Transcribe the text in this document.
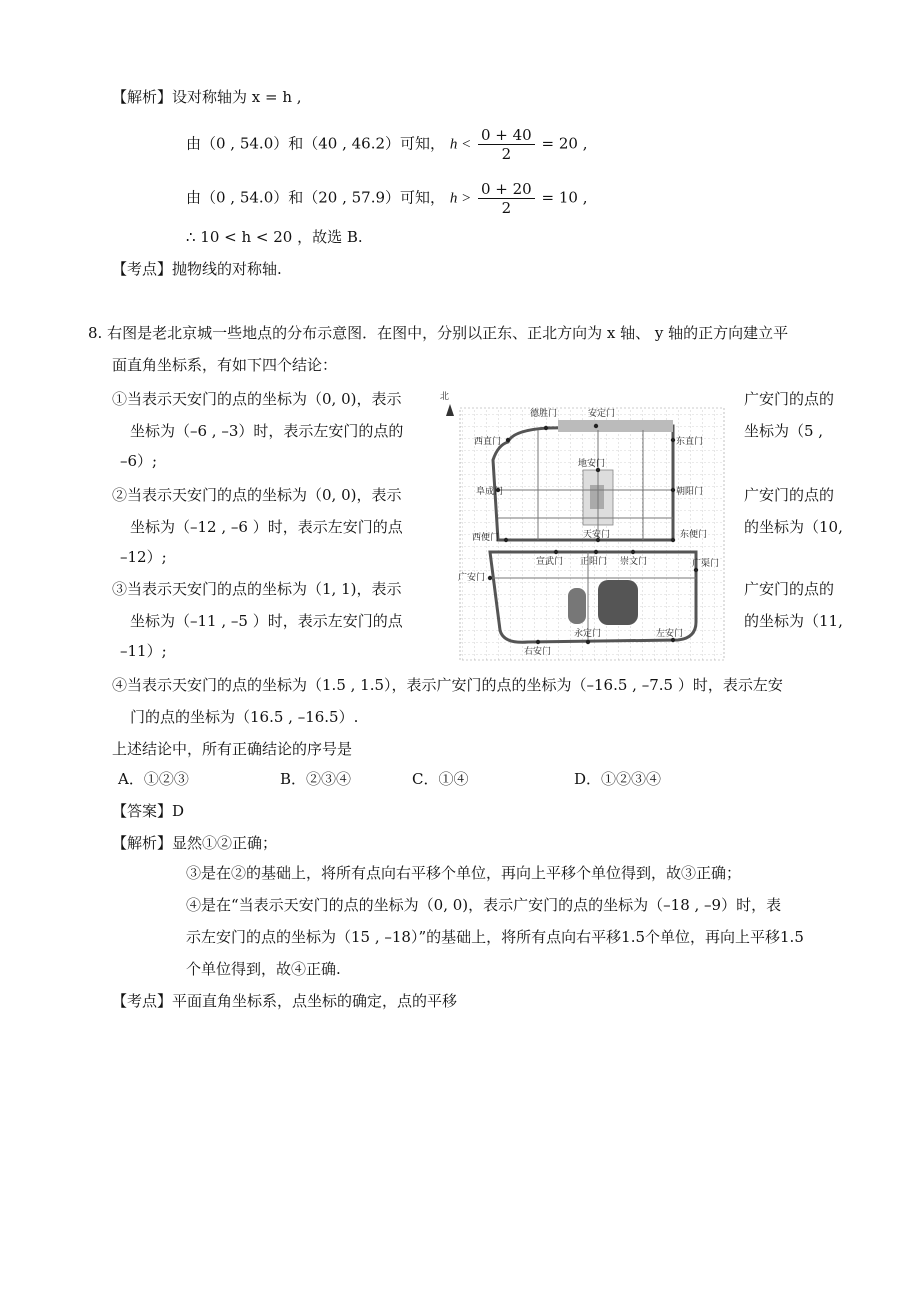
【解析】设对称轴为 x = h ,
由（0 , 54.0）和（40 , 46.2）可知， $h < \frac{0 + 40}{2} = 20$ ,
由（0 , 54.0）和（20 , 57.9）可知， $h > \frac{0 + 20}{2} = 10$ ,
∴ 10 < h < 20 ，故选 B.
【考点】抛物线的对称轴.
8. 右图是老北京城一些地点的分布示意图．在图中，分别以正东、正北方向为 x 轴、 y 轴的正方向建立平
面直角坐标系，有如下四个结论：
①当表示天安门的点的坐标为（0, 0)，表示	广安门的点的
坐标为（–6 , –3）时，表示左安门的点的	坐标为（5 ,
–6）;
②当表示天安门的点的坐标为（0, 0)，表示	广安门的点的
坐标为（–12 , –6 ）时，表示左安门的点	的坐标为（10,
–12）;
③当表示天安门的点的坐标为（1, 1)，表示	广安门的点的
坐标为（–11 , –5 ）时，表示左安门的点	的坐标为（11,
–11）;
④当表示天安门的点的坐标为（1.5 , 1.5），表示广安门的点的坐标为（–16.5 , –7.5 ）时，表示左安
门的点的坐标为（16.5 , –16.5）.
上述结论中，所有正确结论的序号是
A．①②③	B．②③④	C．①④	D．①②③④
【答案】D
【解析】显然①②正确；
③是在②的基础上，将所有点向右平移个单位，再向上平移个单位得到，故③正确；
④是在“当表示天安门的点的坐标为（0, 0)，表示广安门的点的坐标为（–18 , –9）时，表
示左安门的点的坐标为（15 , –18）”的基础上，将所有点向右平移1.5个单位，再向上平移1.5
个单位得到，故④正确.
【考点】平面直角坐标系，点坐标的确定，点的平移
北
德胜门	安定门
西直门	东直门
地安门
阜成门	朝阳门
西便门	天安门	东便门
宣武门 正阳门 崇文门
广安门
广渠门
右安门
永定门	左安门
